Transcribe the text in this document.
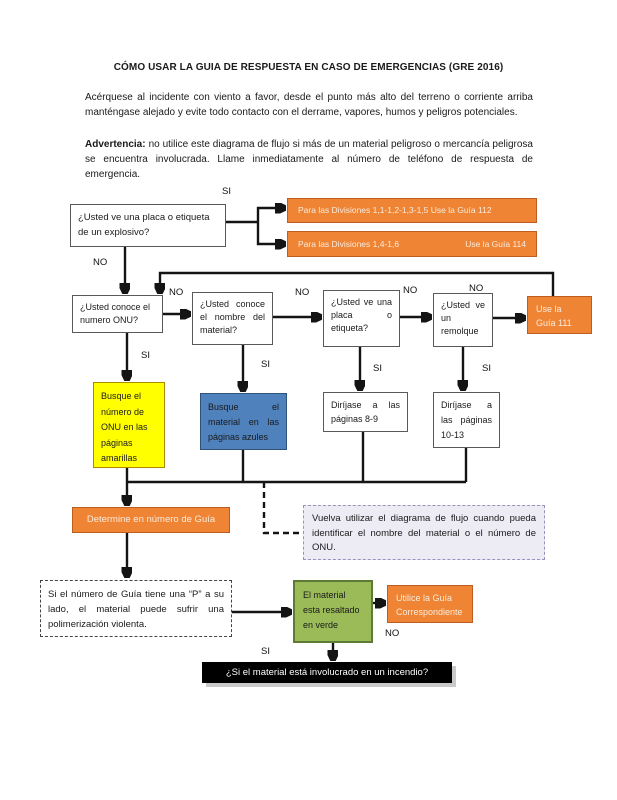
CÓMO USAR LA GUIA DE RESPUESTA EN CASO DE EMERGENCIAS (GRE 2016)
Acérquese al incidente con viento a favor, desde el punto más alto del terreno o corriente arriba manténgase alejado y evite todo contacto con el derrame, vapores, humos y peligros potenciales.
Advertencia: no utilice este diagrama de flujo si más de un material peligroso o mercancía peligrosa se encuentra involucrada. Llame inmediatamente al número de teléfono de respuesta de emergencia.
¿Usted ve una placa o etiqueta de un explosivo?
Para las Divisiones 1,1-1,2-1,3-1,5 Use la Guía 112
Para las Divisiones 1,4-1,6	Use la Guía 114
¿Usted conoce el numero ONU?
¿Usted conoce el nombre del material?
¿Usted ve una placa o etiqueta?
¿Usted ve un remolque
Use la Guía 111
Busque el número de ONU en las páginas amarillas
Busque el material en las páginas azules
Diríjase a las páginas 8-9
Diríjase a las páginas 10-13
Determine en número de Guía	Vuelva utilizar el diagrama de flujo cuando pueda identificar el nombre del material o el número de ONU.
Si el número de Guía tiene una “P” a su lado, el material puede sufrir una polimerización violenta.
El material esta resaltado en verde
Utilice la Guía Correspondiente
¿Si el material está involucrado en un incendio?
SI
NO
NO	NO	NO	NO
SI
SI	SI	SI
SI
NO
